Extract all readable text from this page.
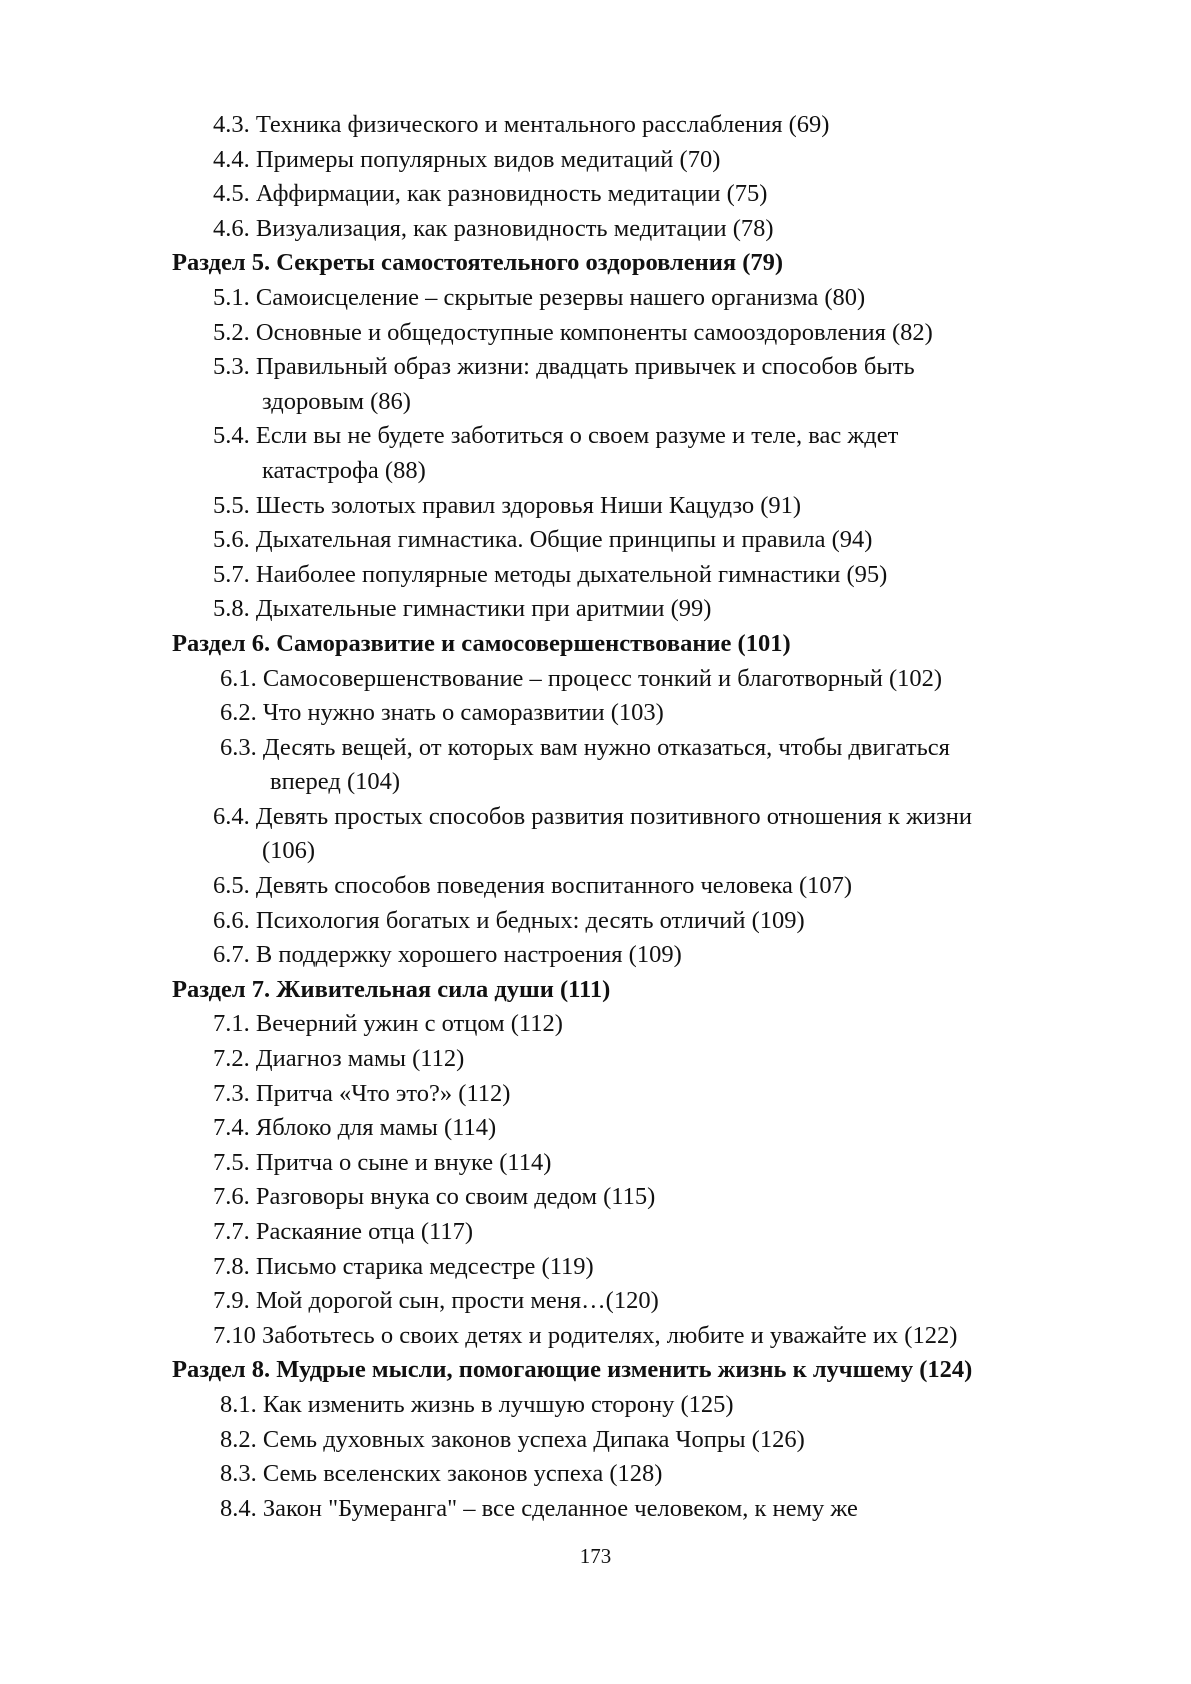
4.3. Техника физического и ментального расслабления (69)
4.4. Примеры популярных видов медитаций (70)
4.5. Аффирмации, как разновидность медитации (75)
4.6. Визуализация, как разновидность медитации (78)
Раздел 5. Секреты самостоятельного оздоровления (79)
5.1. Самоисцеление – скрытые резервы нашего организма (80)
5.2. Основные и общедоступные компоненты самооздоровления (82)
5.3. Правильный образ жизни: двадцать привычек и способов быть
здоровым (86)
5.4. Если вы не будете заботиться о своем разуме и теле, вас ждет
катастрофа (88)
5.5. Шесть золотых правил здоровья Ниши Кацудзо (91)
5.6. Дыхательная гимнастика. Общие принципы и правила (94)
5.7. Наиболее популярные методы дыхательной гимнастики (95)
5.8. Дыхательные гимнастики при аритмии (99)
Раздел 6. Саморазвитие и самосовершенствование (101)
6.1. Самосовершенствование – процесс тонкий и благотворный (102)
6.2. Что нужно знать о саморазвитии (103)
6.3. Десять вещей, от которых вам нужно отказаться, чтобы двигаться
вперед (104)
6.4. Девять простых способов развития позитивного отношения к жизни
(106)
6.5. Девять способов поведения воспитанного человека (107)
6.6. Психология богатых и бедных: десять отличий (109)
6.7. В поддержку хорошего настроения (109)
Раздел 7. Живительная сила души (111)
7.1. Вечерний ужин с отцом (112)
7.2. Диагноз мамы (112)
7.3. Притча «Что это?» (112)
7.4. Яблоко для мамы (114)
7.5. Притча о сыне и внуке (114)
7.6. Разговоры внука со своим дедом (115)
7.7. Раскаяние отца (117)
7.8. Письмо старика медсестре (119)
7.9. Мой дорогой сын, прости меня…(120)
7.10 Заботьтесь о своих детях и родителях, любите и уважайте их (122)
Раздел 8. Мудрые мысли, помогающие изменить жизнь к лучшему (124)
8.1. Как изменить жизнь в лучшую сторону (125)
8.2. Семь духовных законов успеха Дипака Чопры (126)
8.3. Семь вселенских законов успеха (128)
8.4. Закон "Бумеранга" – все сделанное человеком, к нему же
173
